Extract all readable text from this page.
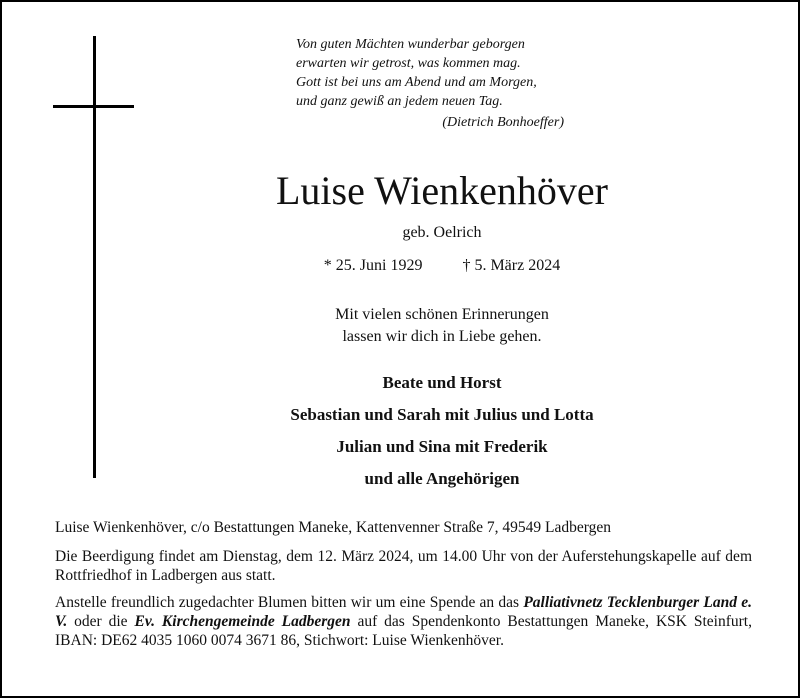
Von guten Mächten wunderbar geborgen
erwarten wir getrost, was kommen mag.
Gott ist bei uns am Abend und am Morgen,
und ganz gewiß an jedem neuen Tag.
(Dietrich Bonhoeffer)
Luise Wienkenhöver
geb. Oelrich
* 25. Juni 1929	† 5. März 2024
Mit vielen schönen Erinnerungen
lassen wir dich in Liebe gehen.
Beate und Horst
Sebastian und Sarah mit Julius und Lotta
Julian und Sina mit Frederik
und alle Angehörigen
Luise Wienkenhöver, c/o Bestattungen Maneke, Kattenvenner Straße 7, 49549 Ladbergen
Die Beerdigung findet am Dienstag, dem 12. März 2024, um 14.00 Uhr von der Auferstehungskapelle auf dem Rottfriedhof in Ladbergen aus statt.
Anstelle freundlich zugedachter Blumen bitten wir um eine Spende an das Palliativnetz Tecklenburger Land e. V. oder die Ev. Kirchengemeinde Ladbergen auf das Spendenkonto Bestattungen Maneke, KSK Steinfurt, IBAN: DE62 4035 1060 0074 3671 86, Stichwort: Luise Wienkenhöver.
